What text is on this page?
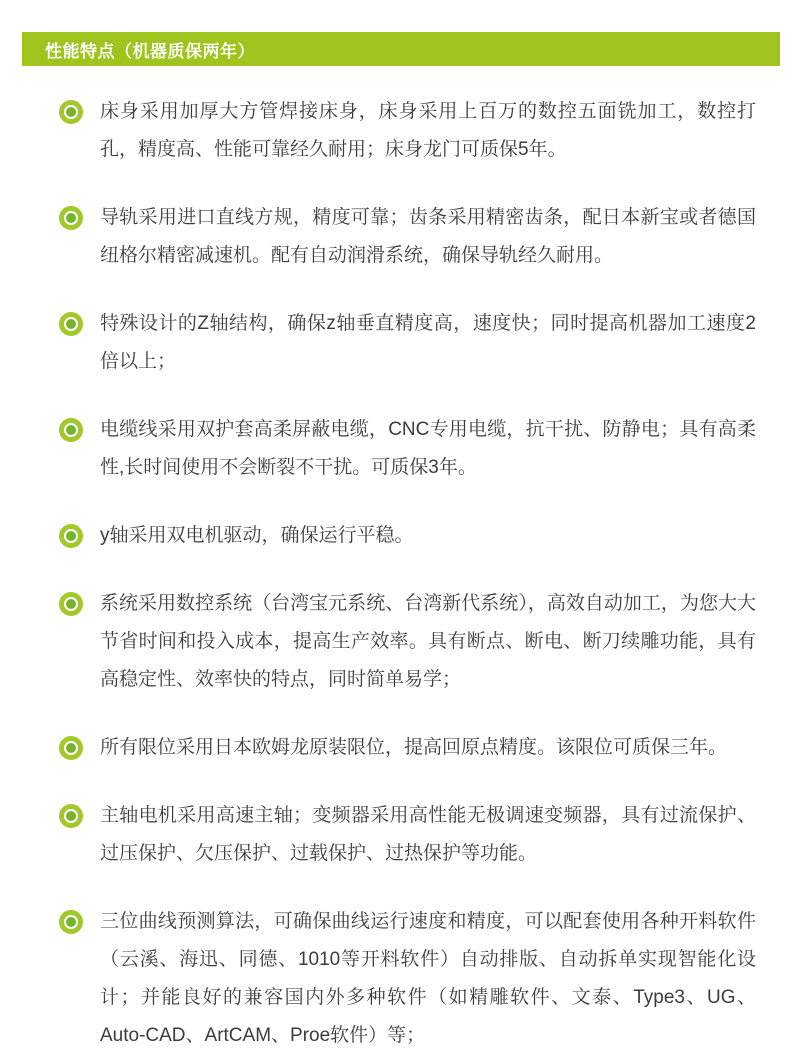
性能特点（机器质保两年）
床身采用加厚大方管焊接床身，床身采用上百万的数控五面铣加工，数控打孔，精度高、性能可靠经久耐用；床身龙门可质保5年。
导轨采用进口直线方规，精度可靠；齿条采用精密齿条，配日本新宝或者德国纽格尔精密减速机。配有自动润滑系统，确保导轨经久耐用。
特殊设计的Z轴结构，确保z轴垂直精度高，速度快；同时提高机器加工速度2倍以上；
电缆线采用双护套高柔屏蔽电缆，CNC专用电缆，抗干扰、防静电；具有高柔性,长时间使用不会断裂不干扰。可质保3年。
y轴采用双电机驱动，确保运行平稳。
系统采用数控系统（台湾宝元系统、台湾新代系统），高效自动加工，为您大大节省时间和投入成本，提高生产效率。具有断点、断电、断刀续雕功能，具有高稳定性、效率快的特点，同时简单易学；
所有限位采用日本欧姆龙原装限位，提高回原点精度。该限位可质保三年。
主轴电机采用高速主轴；变频器采用高性能无极调速变频器，具有过流保护、过压保护、欠压保护、过载保护、过热保护等功能。
三位曲线预测算法，可确保曲线运行速度和精度，可以配套使用各种开料软件（云溪、海迅、同德、1010等开料软件）自动排版、自动拆单实现智能化设计；并能良好的兼容国内外多种软件（如精雕软件、文泰、Type3、UG、Auto-CAD、ArtCAM、Proe软件）等；
